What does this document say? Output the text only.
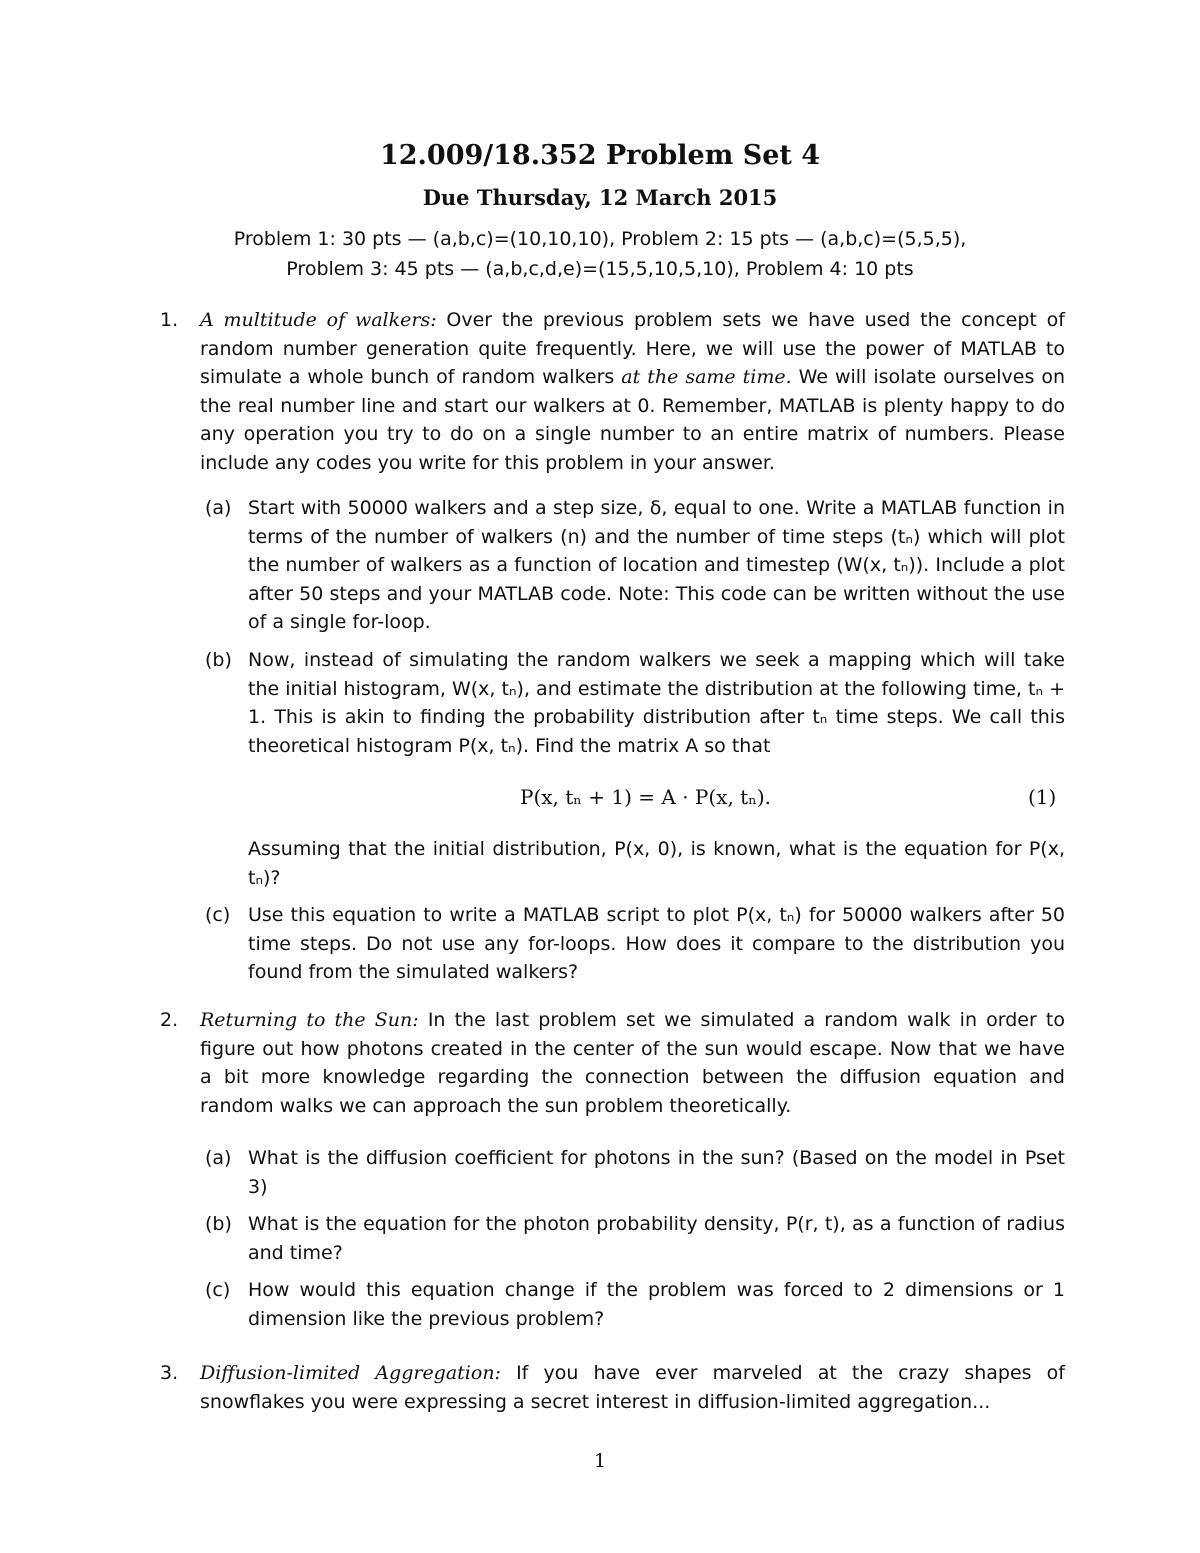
12.009/18.352 Problem Set 4
Due Thursday, 12 March 2015
Problem 1: 30 pts — (a,b,c)=(10,10,10), Problem 2: 15 pts — (a,b,c)=(5,5,5),
Problem 3: 45 pts — (a,b,c,d,e)=(15,5,10,5,10), Problem 4: 10 pts
1. A multitude of walkers: Over the previous problem sets we have used the concept of random number generation quite frequently. Here, we will use the power of MATLAB to simulate a whole bunch of random walkers at the same time. We will isolate ourselves on the real number line and start our walkers at 0. Remember, MATLAB is plenty happy to do any operation you try to do on a single number to an entire matrix of numbers. Please include any codes you write for this problem in your answer.
(a) Start with 50000 walkers and a step size, δ, equal to one. Write a MATLAB function in terms of the number of walkers (n) and the number of time steps (tₙ) which will plot the number of walkers as a function of location and timestep (W(x, tₙ)). Include a plot after 50 steps and your MATLAB code. Note: This code can be written without the use of a single for-loop.
(b) Now, instead of simulating the random walkers we seek a mapping which will take the initial histogram, W(x, tₙ), and estimate the distribution at the following time, tₙ + 1. This is akin to finding the probability distribution after tₙ time steps. We call this theoretical histogram P(x, tₙ). Find the matrix A so that
P(x, tₙ + 1) = A · P(x, tₙ).	(1)
Assuming that the initial distribution, P(x, 0), is known, what is the equation for P(x, tₙ)?
(c) Use this equation to write a MATLAB script to plot P(x, tₙ) for 50000 walkers after 50 time steps. Do not use any for-loops. How does it compare to the distribution you found from the simulated walkers?
2. Returning to the Sun: In the last problem set we simulated a random walk in order to figure out how photons created in the center of the sun would escape. Now that we have a bit more knowledge regarding the connection between the diffusion equation and random walks we can approach the sun problem theoretically.
(a) What is the diffusion coefficient for photons in the sun? (Based on the model in Pset 3)
(b) What is the equation for the photon probability density, P(r, t), as a function of radius and time?
(c) How would this equation change if the problem was forced to 2 dimensions or 1 dimension like the previous problem?
3. Diffusion-limited Aggregation: If you have ever marveled at the crazy shapes of snowflakes you were expressing a secret interest in diffusion-limited aggregation...
1
